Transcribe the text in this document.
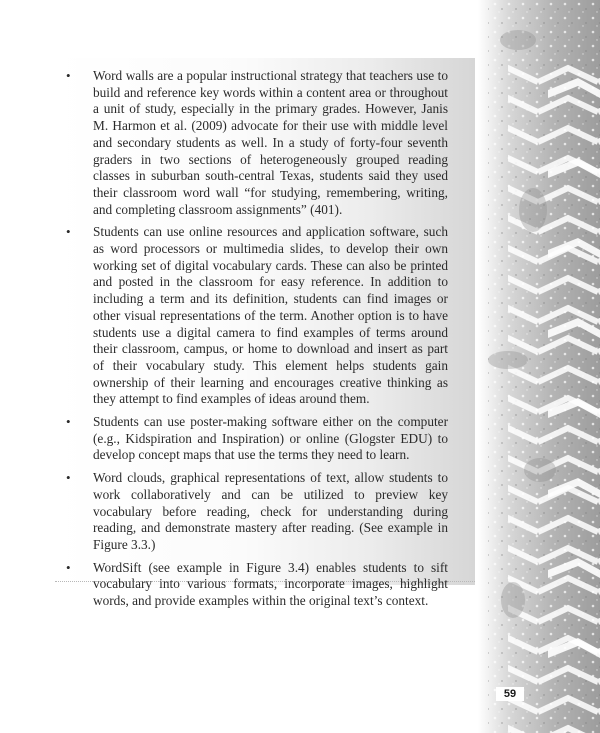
• Word walls are a popular instructional strategy that teachers use to build and reference key words within a content area or throughout a unit of study, especially in the primary grades. However, Janis M. Harmon et al. (2009) advocate for their use with middle level and secondary students as well. In a study of forty-four seventh graders in two sections of heterogeneously grouped reading classes in suburban south-central Texas, students said they used their classroom word wall “for studying, remembering, writing, and completing classroom assignments” (401).
• Students can use online resources and application software, such as word processors or multimedia slides, to develop their own working set of digital vocabulary cards. These can also be printed and posted in the classroom for easy reference. In addition to including a term and its definition, students can find images or other visual representations of the term. Another option is to have students use a digital camera to find examples of terms around their classroom, campus, or home to download and insert as part of their vocabulary study. This element helps students gain ownership of their learning and encourages creative thinking as they attempt to find examples of ideas around them.
• Students can use poster-making software either on the computer (e.g., Kidspiration and Inspiration) or online (Glogster EDU) to develop concept maps that use the terms they need to learn.
• Word clouds, graphical representations of text, allow students to work collaboratively and can be utilized to preview key vocabulary before reading, check for understanding during reading, and demonstrate mastery after reading. (See example in Figure 3.3.)
• WordSift (see example in Figure 3.4) enables students to sift vocabulary into various formats, incorporate images, highlight words, and provide examples within the original text’s context.
59
